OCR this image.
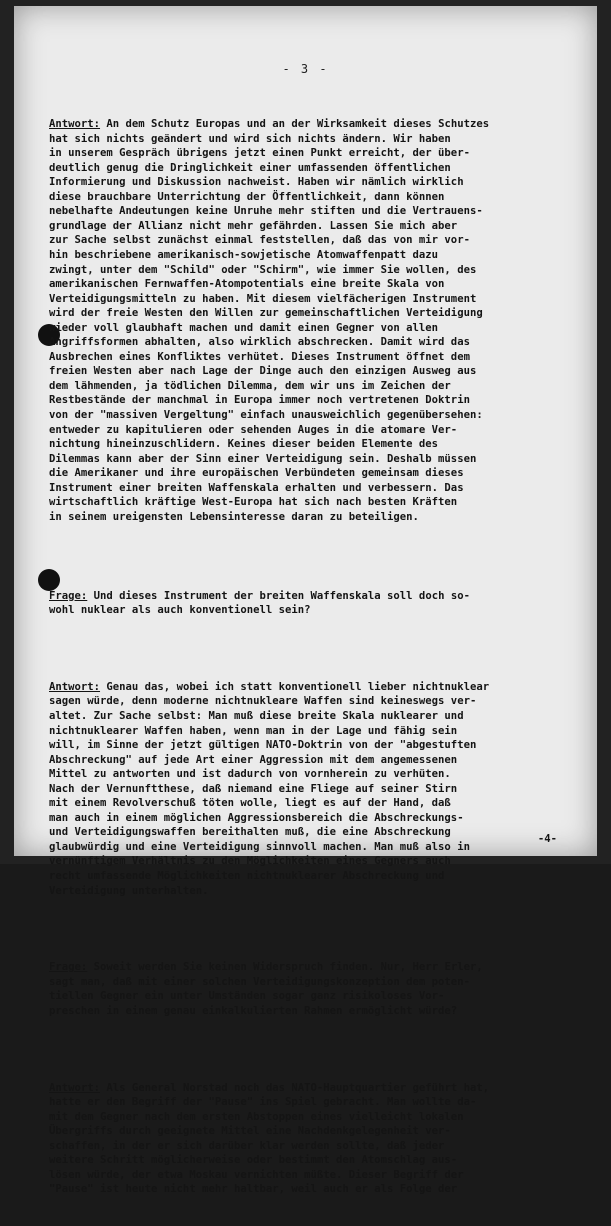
- 3 -

Antwort: An dem Schutz Europas und an der Wirksamkeit dieses Schutzes
hat sich nichts geändert und wird sich nichts ändern. Wir haben
in unserem Gespräch übrigens jetzt einen Punkt erreicht, der über-
deutlich genug die Dringlichkeit einer umfassenden öffentlichen
Informierung und Diskussion nachweist. Haben wir nämlich wirklich
diese brauchbare Unterrichtung der Öffentlichkeit, dann können
nebelhafte Andeutungen keine Unruhe mehr stiften und die Vertrauens-
grundlage der Allianz nicht mehr gefährden. Lassen Sie mich aber
zur Sache selbst zunächst einmal feststellen, daß das von mir vor-
hin beschriebene amerikanisch-sowjetische Atomwaffenpatt dazu
zwingt, unter dem "Schild" oder "Schirm", wie immer Sie wollen, des
amerikanischen Fernwaffen-Atompotentials eine breite Skala von
Verteidigungsmitteln zu haben. Mit diesem vielfächerigen Instrument
wird der freie Westen den Willen zur gemeinschaftlichen Verteidigung
wieder voll glaubhaft machen und damit einen Gegner von allen
Angriffsformen abhalten, also wirklich abschrecken. Damit wird das
Ausbrechen eines Konfliktes verhütet. Dieses Instrument öffnet dem
freien Westen aber nach Lage der Dinge auch den einzigen Ausweg aus
dem lähmenden, ja tödlichen Dilemma, dem wir uns im Zeichen der
Restbestände der manchmal in Europa immer noch vertretenen Doktrin
von der "massiven Vergeltung" einfach unausweichlich gegenübersehen:
entweder zu kapitulieren oder sehenden Auges in die atomare Ver-
nichtung hineinzuschlidern. Keines dieser beiden Elemente des
Dilemmas kann aber der Sinn einer Verteidigung sein. Deshalb müssen
die Amerikaner und ihre europäischen Verbündeten gemeinsam dieses
Instrument einer breiten Waffenskala erhalten und verbessern. Das
wirtschaftlich kräftige West-Europa hat sich nach besten Kräften
in seinem ureigensten Lebensinteresse daran zu beteiligen.

Frage: Und dieses Instrument der breiten Waffenskala soll doch so-
wohl nuklear als auch konventionell sein?

Antwort: Genau das, wobei ich statt konventionell lieber nichtnuklear
sagen würde, denn moderne nichtnukleare Waffen sind keineswegs ver-
altet. Zur Sache selbst: Man muß diese breite Skala nuklearer und
nichtnuklearer Waffen haben, wenn man in der Lage und fähig sein
will, im Sinne der jetzt gültigen NATO-Doktrin von der "abgestuften
Abschreckung" auf jede Art einer Aggression mit dem angemessenen
Mittel zu antworten und ist dadurch von vornherein zu verhüten.
Nach der Vernunftthese, daß niemand eine Fliege auf seiner Stirn
mit einem Revolverschuß töten wolle, liegt es auf der Hand, daß
man auch in einem möglichen Aggressionsbereich die Abschreckungs-
und Verteidigungswaffen bereithalten muß, die eine Abschreckung
glaubwürdig und eine Verteidigung sinnvoll machen. Man muß also in
vernünftigem Verhältnis zu den Möglichkeiten eines Gegners auch
recht umfassende Möglichkeiten nichtnuklearer Abschreckung und
Verteidigung unterhalten.

Frage: Soweit werden Sie keinen Widerspruch finden. Nur, Herr Erler,
sagt man, daß mit einer solchen Verteidigungskonzeption dem poten-
tiellen Gegner ein unter Umständen sogar ganz risikoloses Vor-
preschen in einem genau einkalkulierten Rahmen ermöglicht würde?

Antwort: Als General Norstad noch das NATO-Hauptquartier geführt hat,
hatte er den Begriff der "Pause" ins Spiel gebracht. Man wollte da-
mit dem Gegner nach dem ersten Abstoppen eines vielleicht lokalen
Übergriffs durch geeignete Mittel eine Nachdenkgelegenheit ver-
schaffen, in der er sich darüber klar werden sollte, daß jeder
weitere Schritt möglicherweise oder bestimmt den Atomschlag aus-
lösen würde, der etwa Moskau vernichten müßte. Dieser Begriff der
"Pause" ist heute nicht mehr haltbar, weil auch er als Folge der

-4-
